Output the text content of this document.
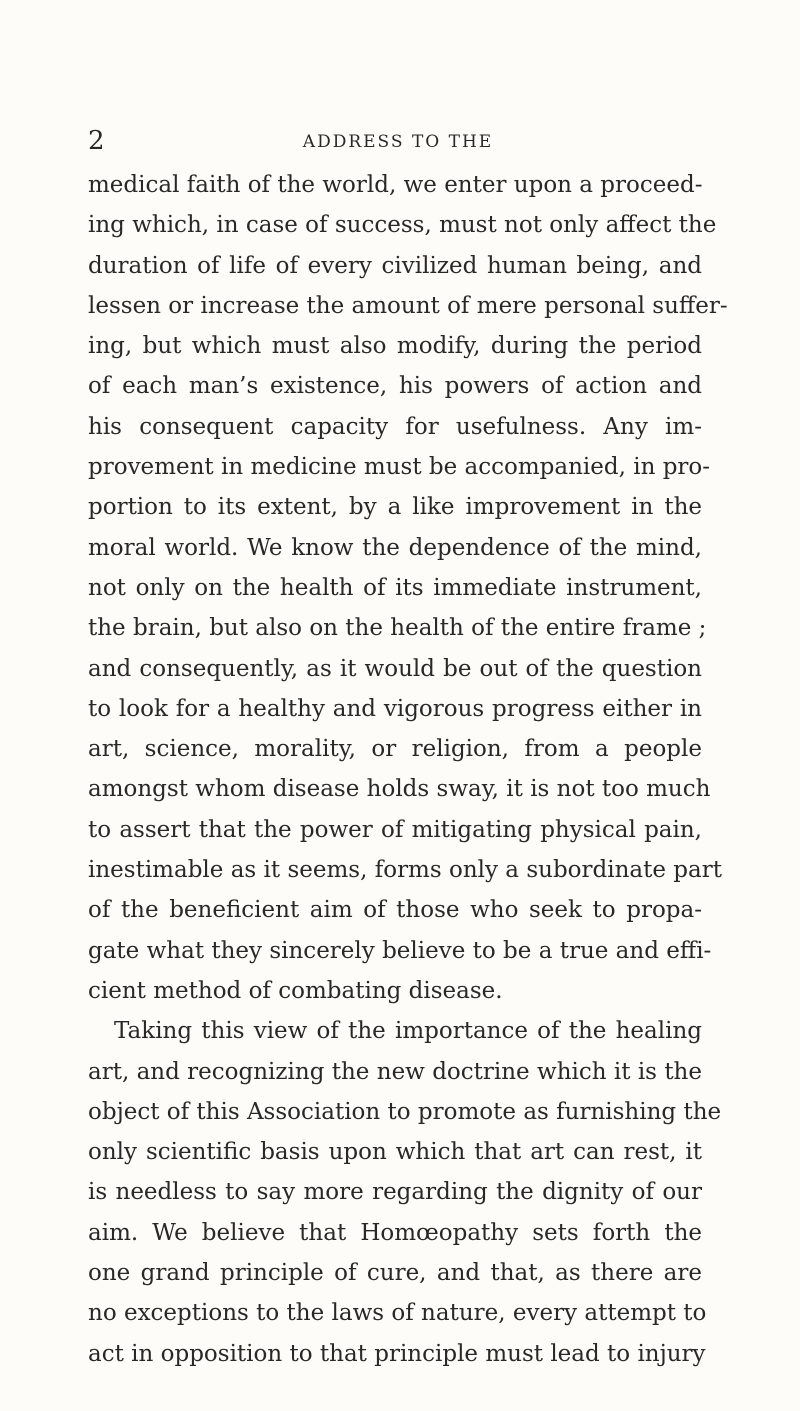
2	ADDRESS TO THE
medical faith of the world, we enter upon a proceed-
ing which, in case of success, must not only affect the
duration of life of every civilized human being, and
lessen or increase the amount of mere personal suffer-
ing, but which must also modify, during the period
of each man’s existence, his powers of action and
his consequent capacity for usefulness. Any im-
provement in medicine must be accompanied, in pro-
portion to its extent, by a like improvement in the
moral world. We know the dependence of the mind,
not only on the health of its immediate instrument,
the brain, but also on the health of the entire frame ;
and consequently, as it would be out of the question
to look for a healthy and vigorous progress either in
art, science, morality, or religion, from a people
amongst whom disease holds sway, it is not too much
to assert that the power of mitigating physical pain,
inestimable as it seems, forms only a subordinate part
of the beneficient aim of those who seek to propa-
gate what they sincerely believe to be a true and effi-
cient method of combating disease.
Taking this view of the importance of the healing
art, and recognizing the new doctrine which it is the
object of this Association to promote as furnishing the
only scientific basis upon which that art can rest, it
is needless to say more regarding the dignity of our
aim. We believe that Homœopathy sets forth the
one grand principle of cure, and that, as there are
no exceptions to the laws of nature, every attempt to
act in opposition to that principle must lead to injury
